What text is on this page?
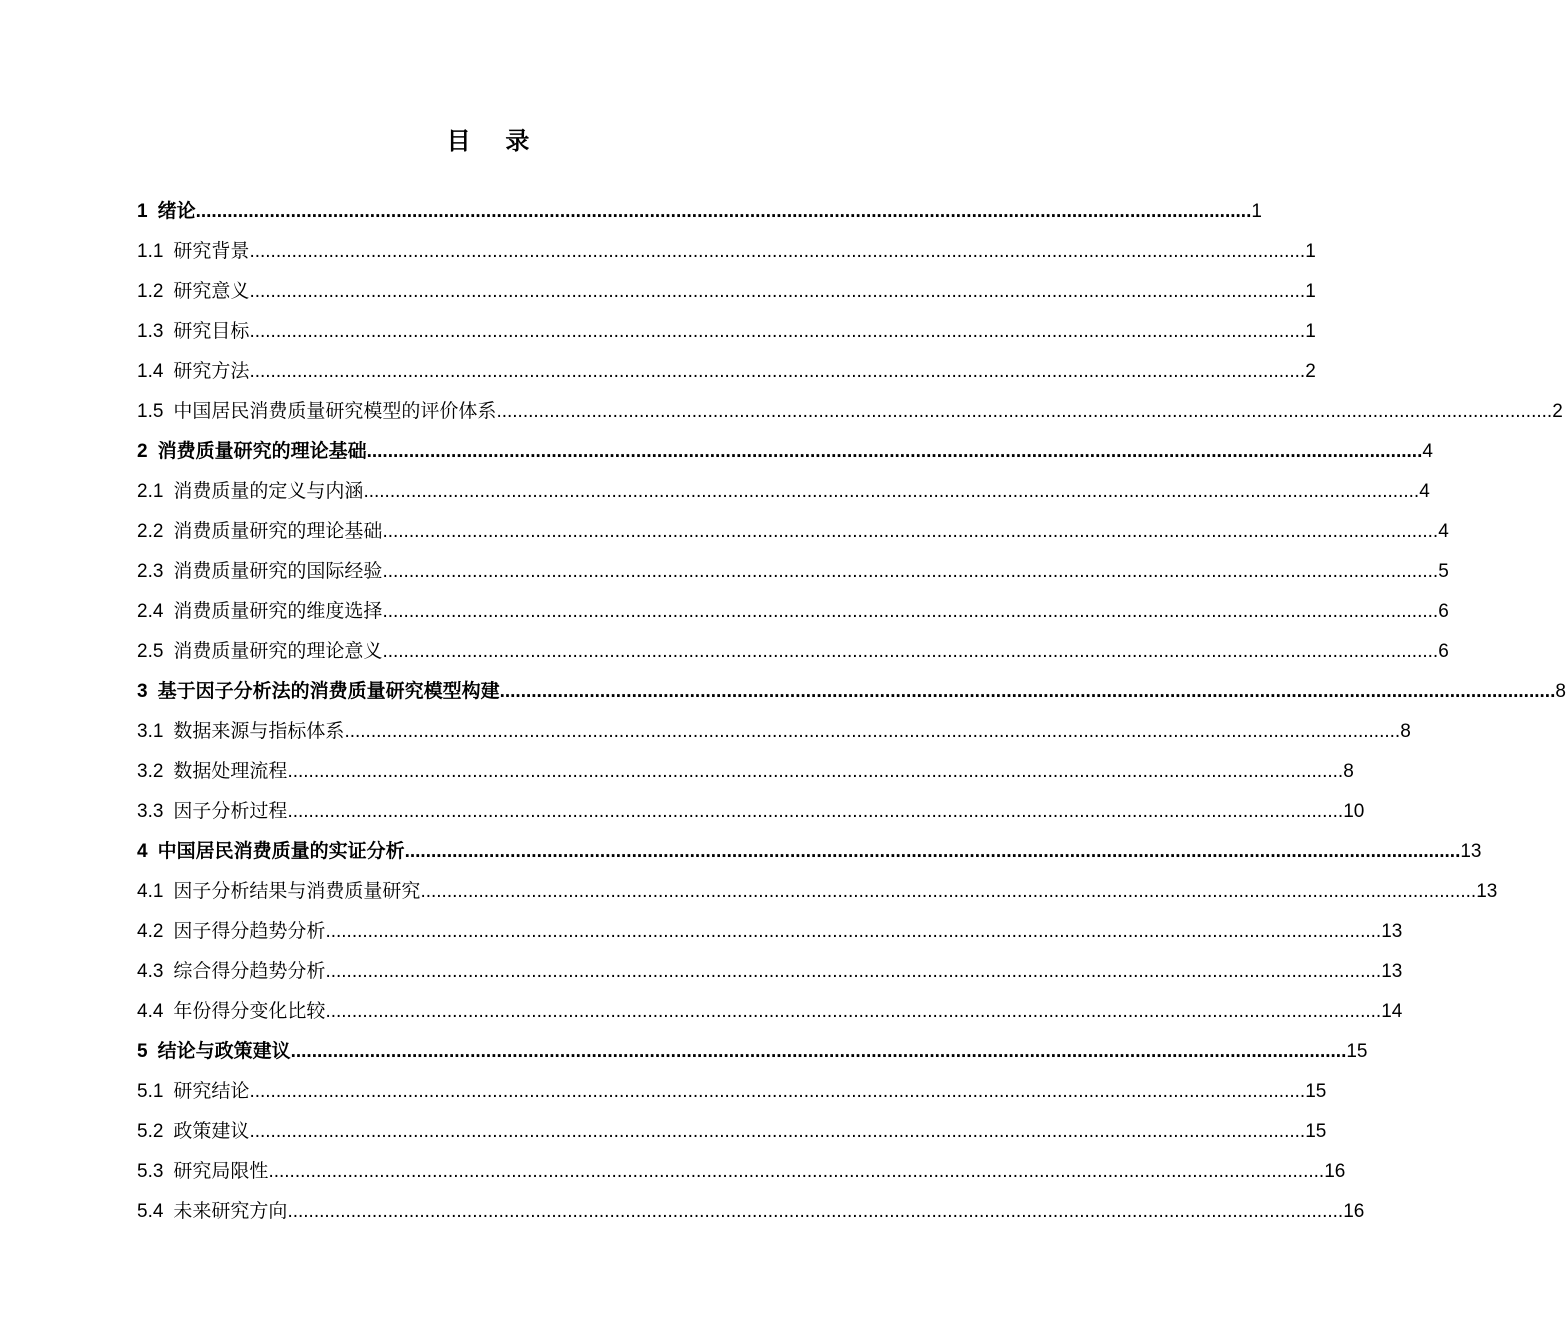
目 录
1 绪论 ........................................................................................................................................................................................................ 1
1.1 研究背景 ........................................................................................................................................................................................................ 1
1.2 研究意义 ........................................................................................................................................................................................................ 1
1.3 研究目标 ........................................................................................................................................................................................................ 1
1.4 研究方法 ........................................................................................................................................................................................................ 2
1.5 中国居民消费质量研究模型的评价体系 ........................................................................................................................................................................................................ 2
2 消费质量研究的理论基础 ........................................................................................................................................................................................................ 4
2.1 消费质量的定义与内涵 ........................................................................................................................................................................................................ 4
2.2 消费质量研究的理论基础 ........................................................................................................................................................................................................ 4
2.3 消费质量研究的国际经验 ........................................................................................................................................................................................................ 5
2.4 消费质量研究的维度选择 ........................................................................................................................................................................................................ 6
2.5 消费质量研究的理论意义 ........................................................................................................................................................................................................ 6
3 基于因子分析法的消费质量研究模型构建 ........................................................................................................................................................................................................ 8
3.1 数据来源与指标体系 ........................................................................................................................................................................................................ 8
3.2 数据处理流程 ........................................................................................................................................................................................................ 8
3.3 因子分析过程 ........................................................................................................................................................................................................ 10
4 中国居民消费质量的实证分析 ........................................................................................................................................................................................................ 13
4.1 因子分析结果与消费质量研究 ........................................................................................................................................................................................................ 13
4.2 因子得分趋势分析 ........................................................................................................................................................................................................ 13
4.3 综合得分趋势分析 ........................................................................................................................................................................................................ 13
4.4 年份得分变化比较 ........................................................................................................................................................................................................ 14
5 结论与政策建议 ........................................................................................................................................................................................................ 15
5.1 研究结论 ........................................................................................................................................................................................................ 15
5.2 政策建议 ........................................................................................................................................................................................................ 15
5.3 研究局限性 ........................................................................................................................................................................................................ 16
5.4 未来研究方向 ........................................................................................................................................................................................................ 16
